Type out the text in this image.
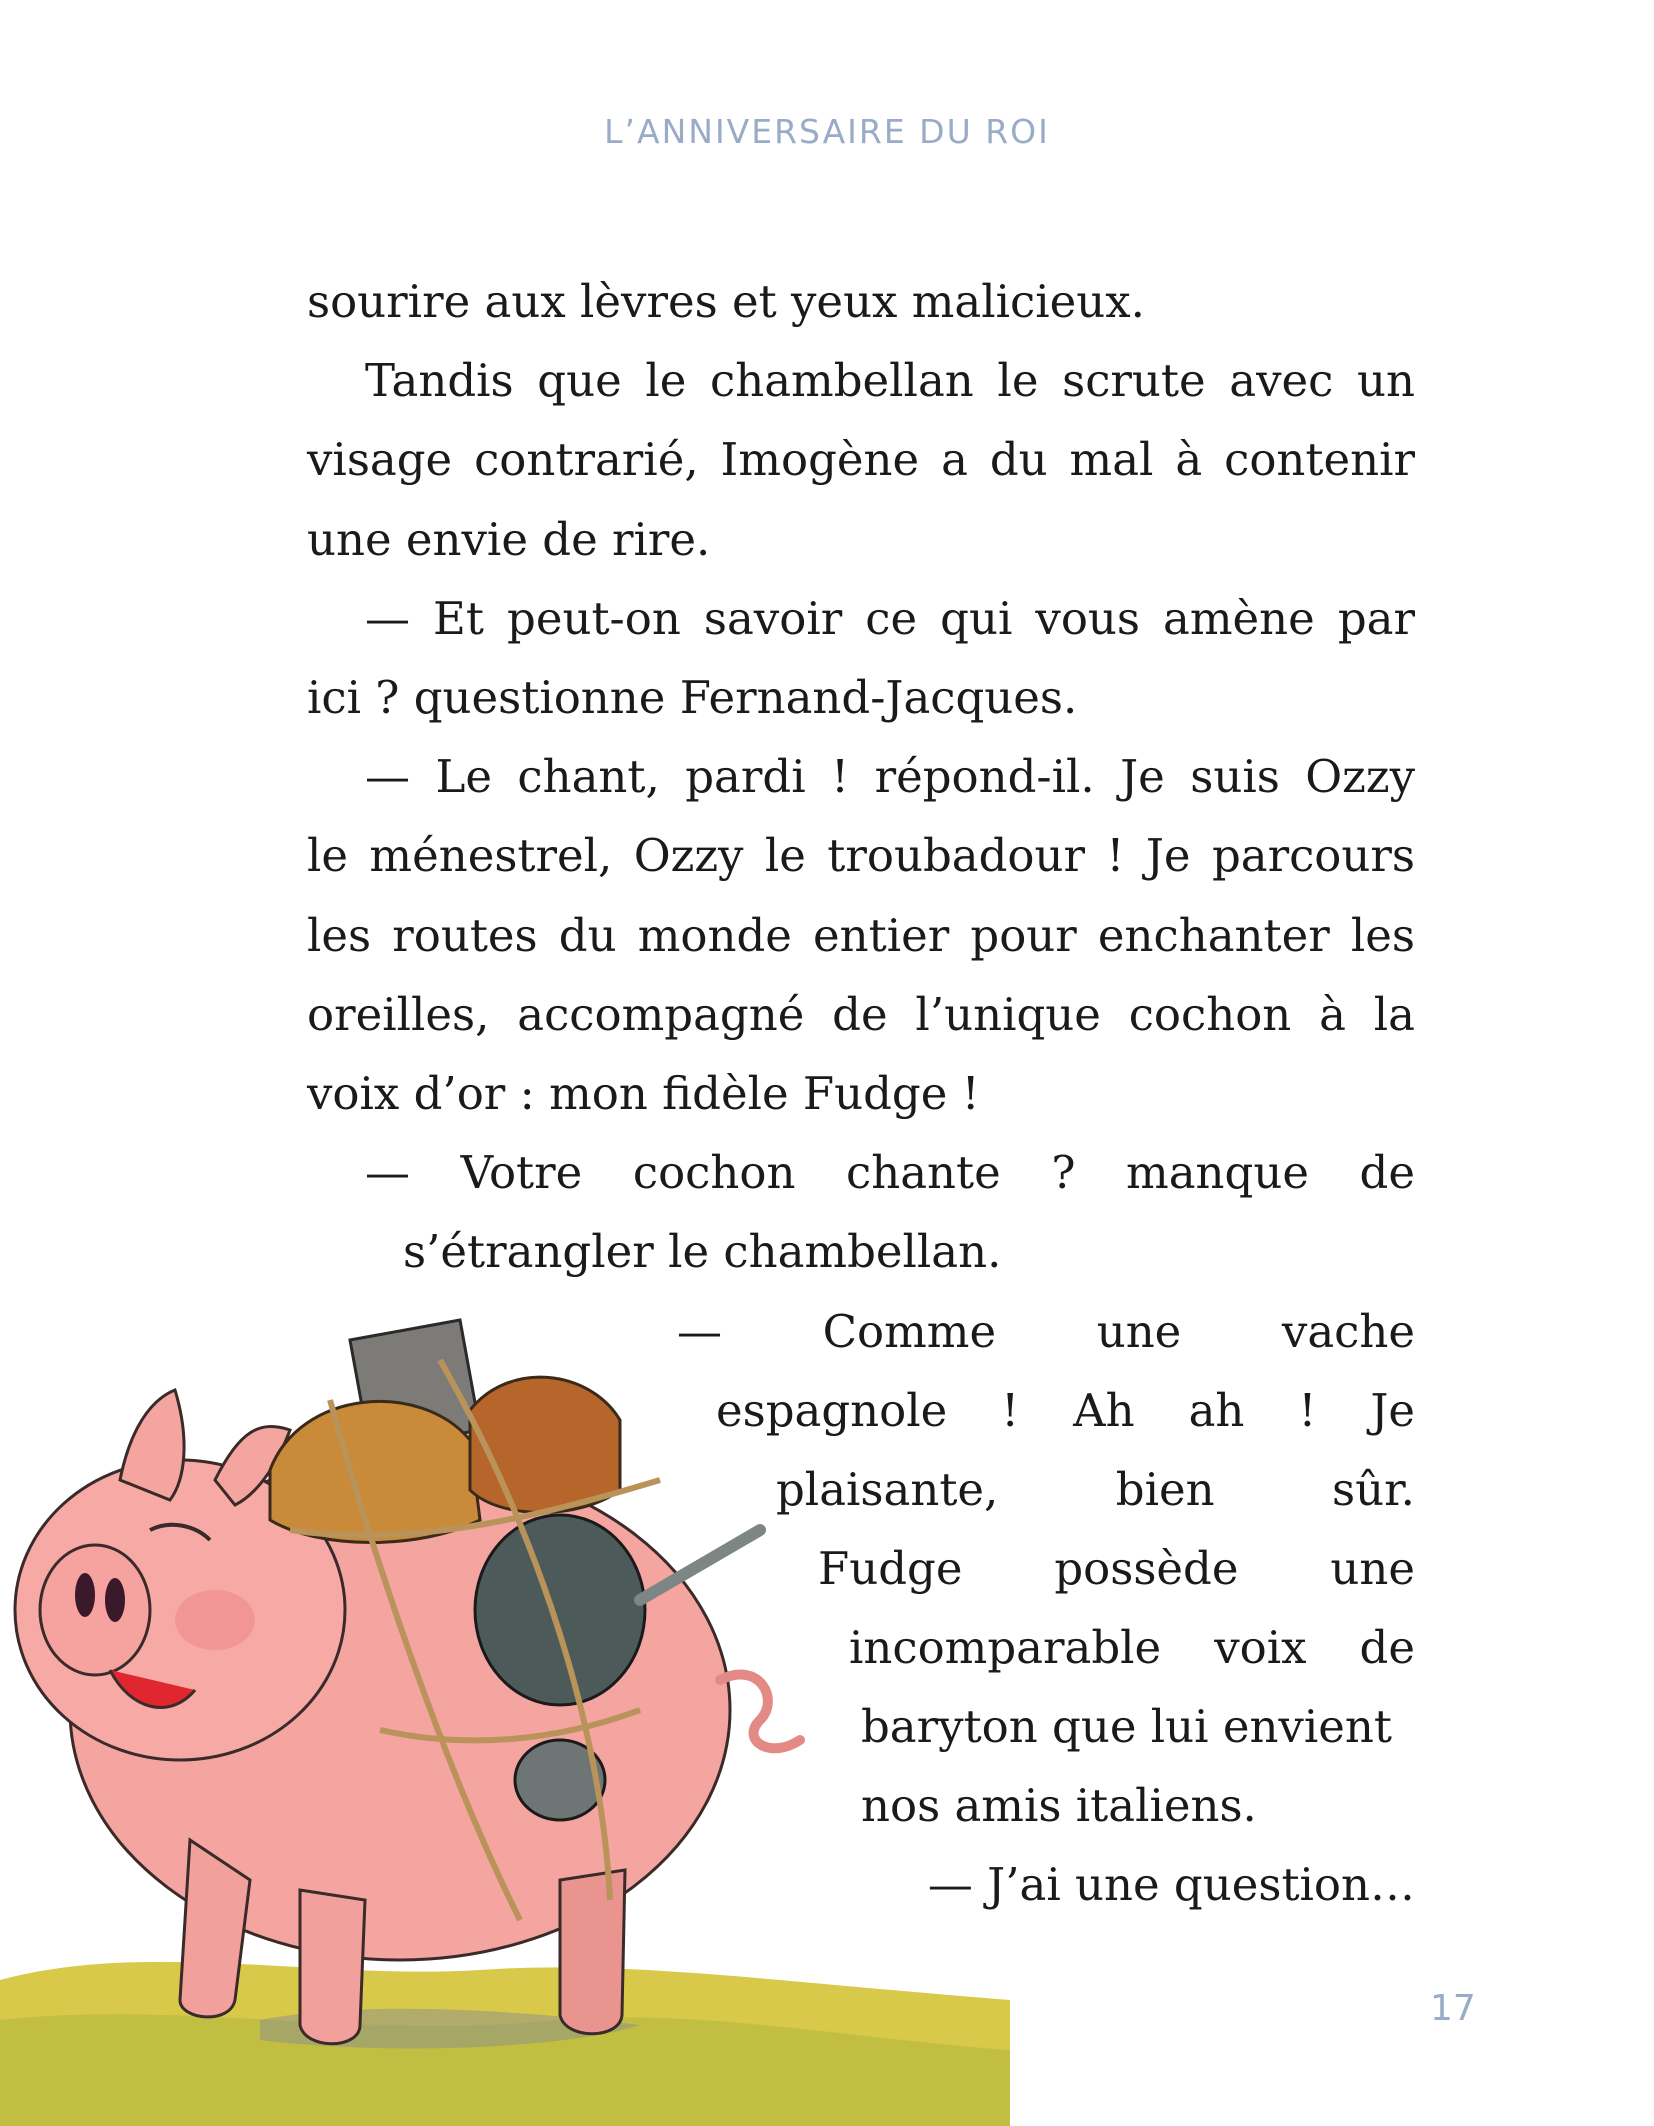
L’ANNIVERSAIRE DU ROI

sourire aux lèvres et yeux malicieux.

Tandis que le chambellan le scrute avec un
visage contrarié, Imogène a du mal à contenir
une envie de rire.

— Et peut-on savoir ce qui vous amène par
ici ? questionne Fernand-Jacques.

— Le chant, pardi ! répond-il. Je suis Ozzy
le ménestrel, Ozzy le troubadour ! Je parcours
les routes du monde entier pour enchanter les
oreilles, accompagné de l’unique cochon à la
voix d’or : mon fidèle Fudge !

— Votre cochon chante ? manque de
s’étrangler le chambellan.

— Comme une vache
espagnole ! Ah ah ! Je
plaisante, bien sûr.
Fudge possède une
incomparable voix de
baryton que lui envient
nos amis italiens.
— J’ai une question…
17
